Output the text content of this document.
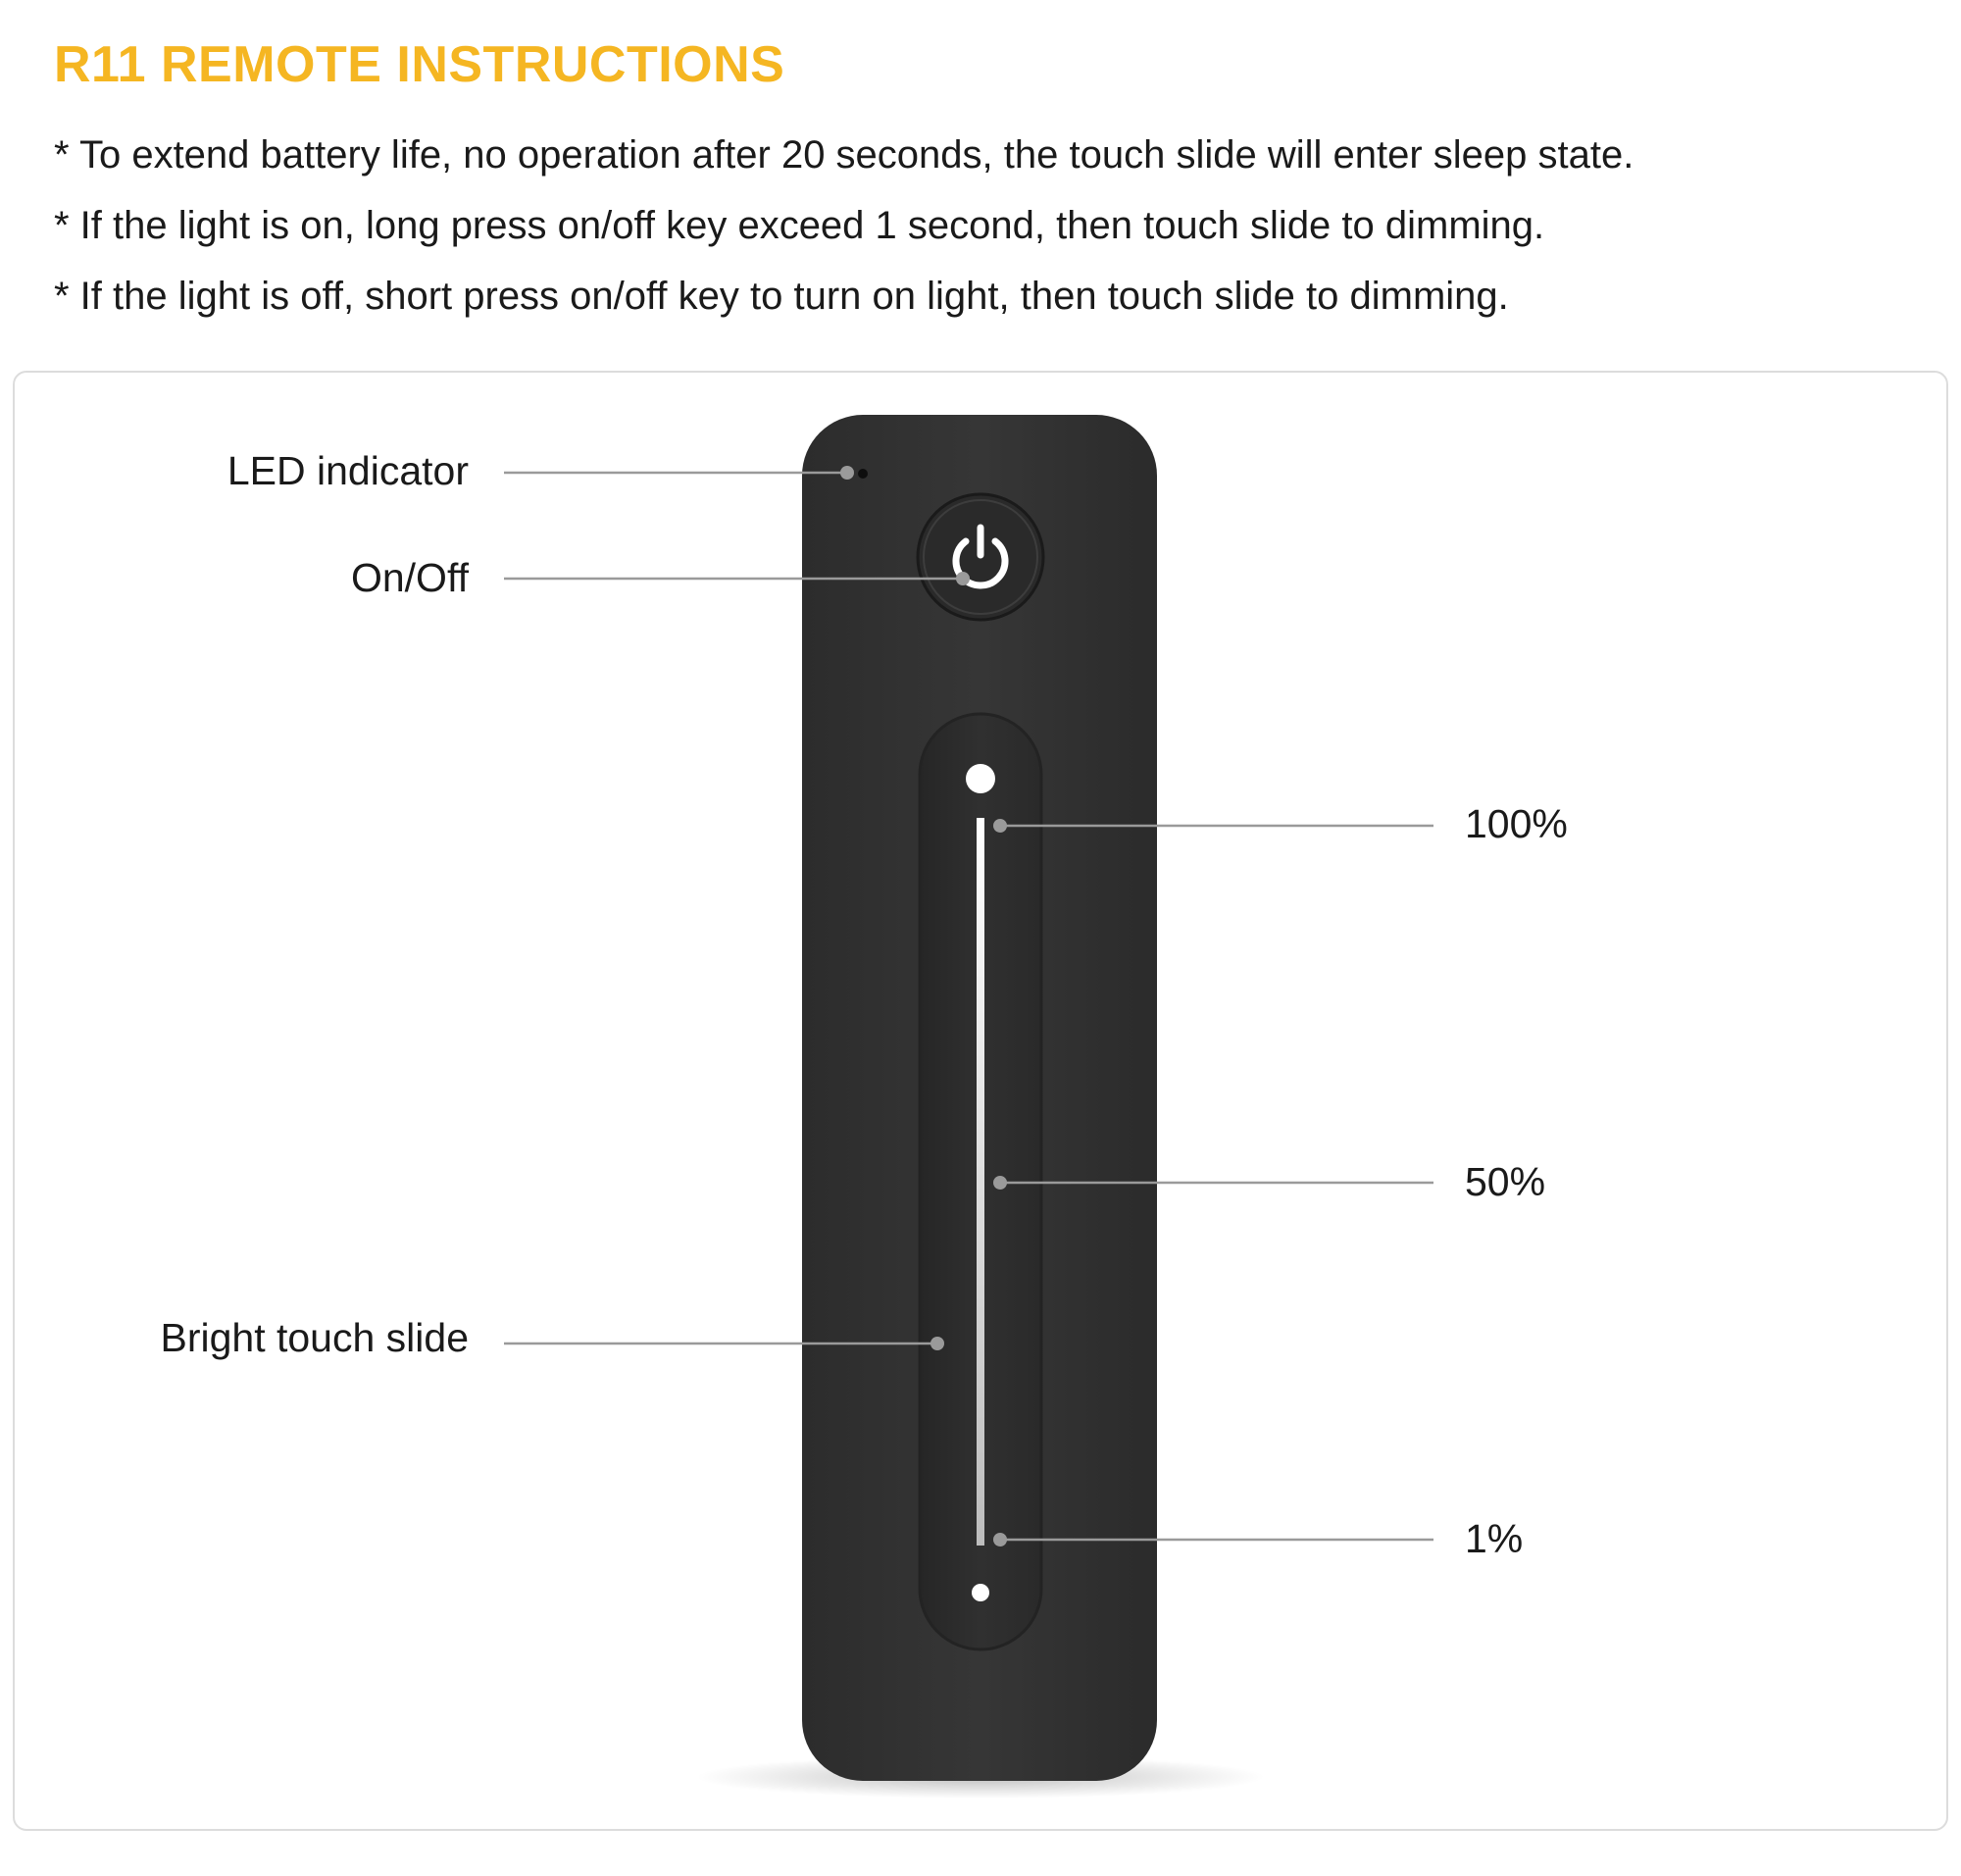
R11 REMOTE INSTRUCTIONS
* To extend battery life, no operation after 20 seconds, the touch slide will enter sleep state.
* If the light is on, long press on/off key exceed 1 second, then touch slide to dimming.
* If the light is off, short press on/off key to turn on light, then touch slide to dimming.
LED indicator
On/Off
Bright touch slide
100%
50%
1%
